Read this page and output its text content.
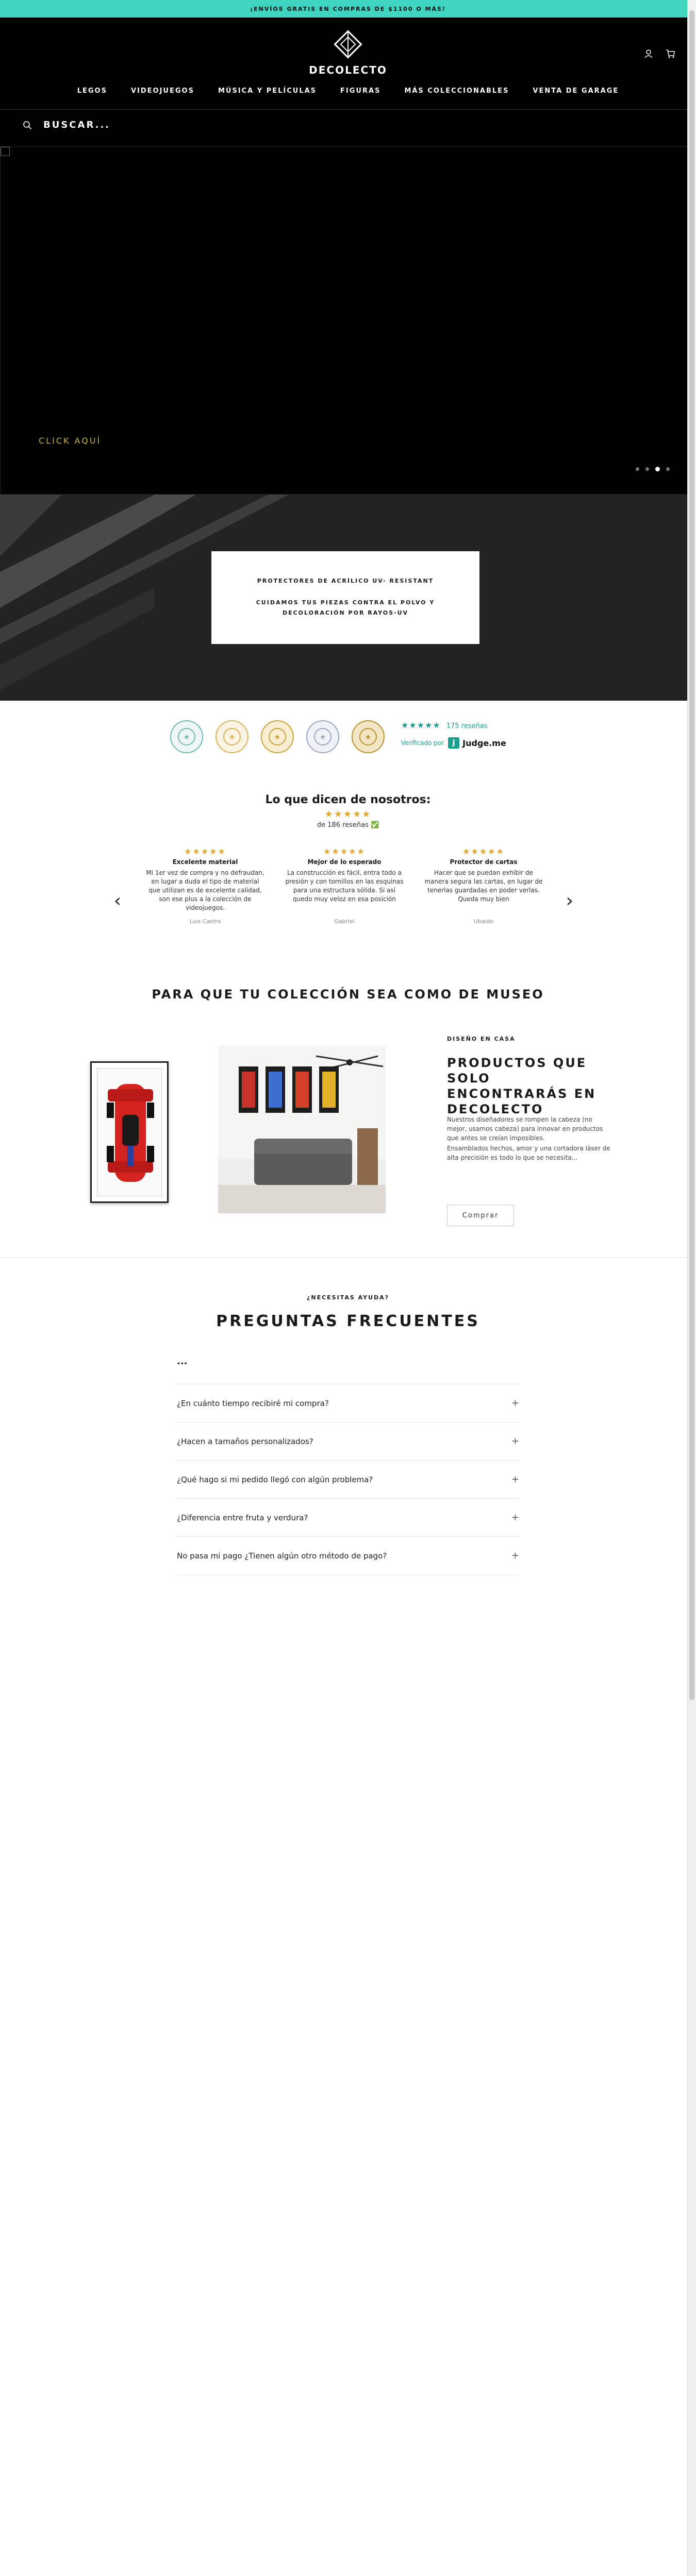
¡ENVÍOS GRATIS EN COMPRAS DE $1100 O MÁS!
DECOLECTO
LEGOS	VIDEOJUEGOS	MÚSICA Y PELÍCULAS	FIGURAS	MÁS COLECCIONABLES	VENTA DE GARAGE
BUSCAR...
CLICK AQUÍ
PROTECTORES DE ACRÍLICO UV- RESISTANT
CUIDAMOS TUS PIEZAS CONTRA EL POLVO Y DECOLORACIÓN POR RAYOS-UV
★	★	★	★	★
★★★★★ 175 reseñas
Verificado por	J Judge.me
Lo que dicen de nosotros:
★★★★★
de 186 reseñas ✅
‹	›
★★★★★
Excelente material
Mi 1er vez de compra y no defraudan, en lugar a duda el tipo de material que utilizan es de excelente calidad, son ese plus a la colección de videojuegos.
Luis Castro
★★★★★
Mejor de lo esperado
La construcción es fácil, entra todo a presión y con tornillos en las esquinas para una estructura sólida. Si así quedo muy veloz en esa posición
Gabriel
★★★★★
Protector de cartas
Hacer que se puedan exhibir de manera segura las cartas, en lugar de tenerlas guardadas en poder verlas. Queda muy bien
Ubaldo
PARA QUE TU COLECCIÓN SEA COMO DE MUSEO
DISEÑO EN CASA
PRODUCTOS QUE SOLO ENCONTRARÁS EN DECOLECTO
Nuestros diseñadores se rompen la cabeza (no mejor, usamos cabeza) para innovar en productos que antes se creían imposibles.
Ensamblados hechos, amor y una cortadora láser de alta precisión es todo lo que se necesita...
Comprar
¿NECESITAS AYUDA?
PREGUNTAS FRECUENTES
...
¿En cuánto tiempo recibiré mi compra?	+
¿Hacen a tamaños personalizados?	+
¿Qué hago si mi pedido llegó con algún problema?	+
¿Diferencia entre fruta y verdura?	+
No pasa mi pago ¿Tienen algún otro método de pago?	+
